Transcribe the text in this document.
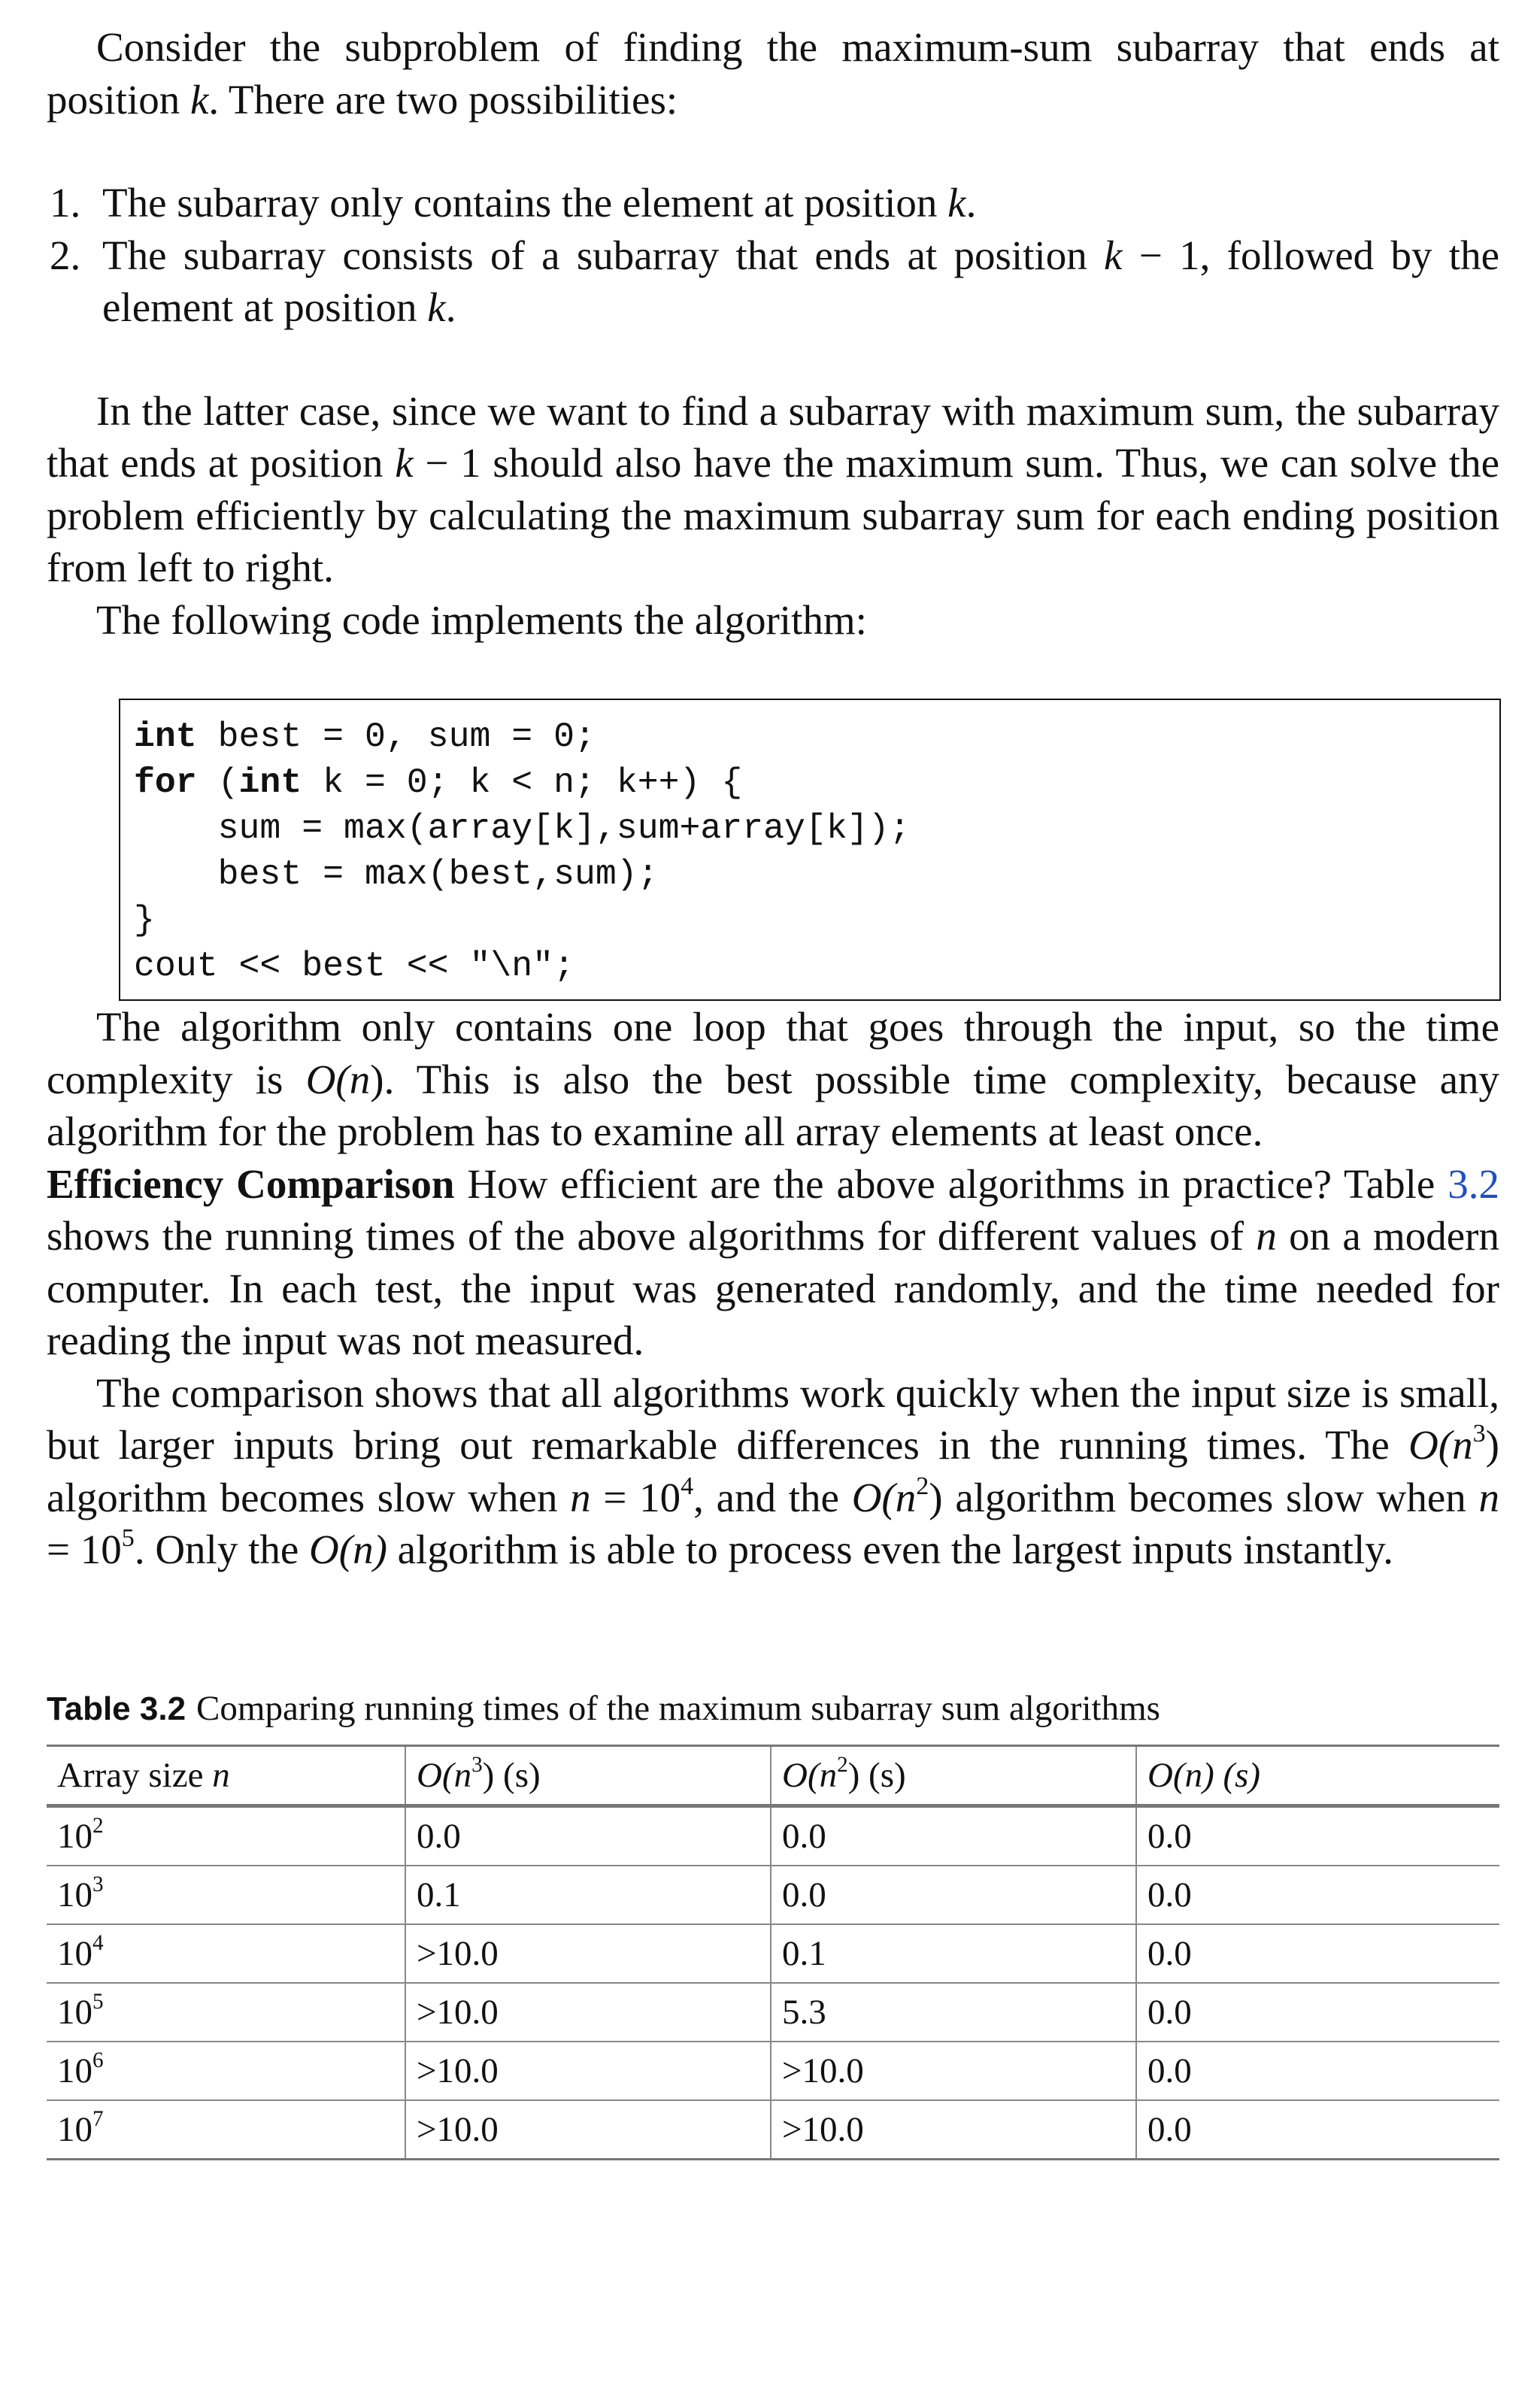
Consider the subproblem of finding the maximum-sum subarray that ends at position k. There are two possibilities:

1. The subarray only contains the element at position k.
2. The subarray consists of a subarray that ends at position k − 1, followed by the element at position k.

In the latter case, since we want to find a subarray with maximum sum, the subarray that ends at position k − 1 should also have the maximum sum. Thus, we can solve the problem efficiently by calculating the maximum subarray sum for each ending position from left to right.

The following code implements the algorithm:

int best = 0, sum = 0;
for (int k = 0; k < n; k++) {
sum = max(array[k],sum+array[k]);
best = max(best,sum);
}
cout << best << "\n";

The algorithm only contains one loop that goes through the input, so the time complexity is O(n). This is also the best possible time complexity, because any algorithm for the problem has to examine all array elements at least once.

Efficiency Comparison How efficient are the above algorithms in practice? Table 3.2 shows the running times of the above algorithms for different values of n on a modern computer. In each test, the input was generated randomly, and the time needed for reading the input was not measured.

The comparison shows that all algorithms work quickly when the input size is small, but larger inputs bring out remarkable differences in the running times. The $O(n^3)$ algorithm becomes slow when $n = 10^4$, and the $O(n^2)$ algorithm becomes slow when $n = 10^5$. Only the O(n) algorithm is able to process even the largest inputs instantly.

Table 3.2 Comparing running times of the maximum subarray sum algorithms
Array size n	$O(n^3)$ (s)	$O(n^2)$ (s)	O(n) (s)
$10^2$	0.0	0.0	0.0
$10^3$	0.1	0.0	0.0
$10^4$	>10.0	0.1	0.0
$10^5$	>10.0	5.3	0.0
$10^6$	>10.0	>10.0	0.0
$10^7$	>10.0	>10.0	0.0
